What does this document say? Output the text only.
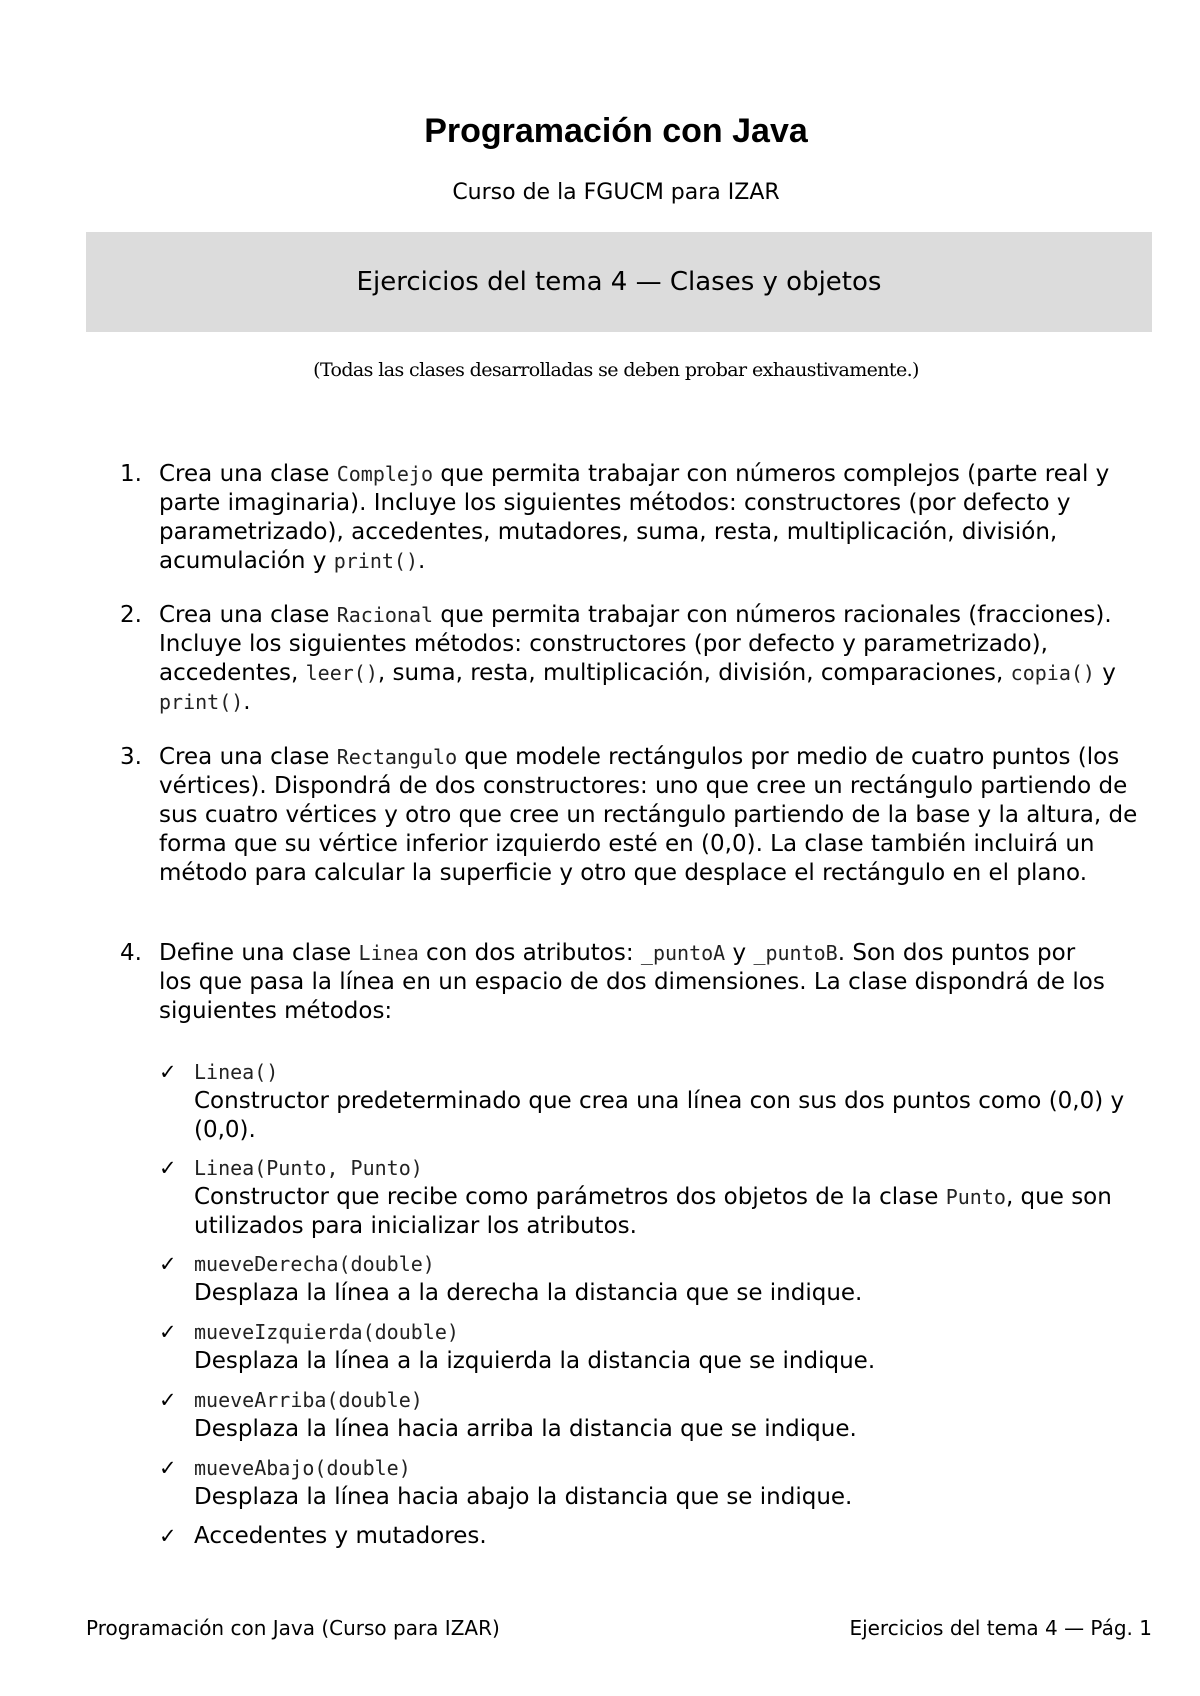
Programación con Java
Curso de la FGUCM para IZAR
Ejercicios del tema 4 — Clases y objetos
(Todas las clases desarrolladas se deben probar exhaustivamente.)
1. Crea una clase Complejo que permita trabajar con números complejos (parte real y parte imaginaria). Incluye los siguientes métodos: constructores (por defecto y parametrizado), accedentes, mutadores, suma, resta, multiplicación, división, acumulación y print().
2. Crea una clase Racional que permita trabajar con números racionales (fracciones). Incluye los siguientes métodos: constructores (por defecto y parametrizado), accedentes, leer(), suma, resta, multiplicación, división, comparaciones, copia() y print().
3. Crea una clase Rectangulo que modele rectángulos por medio de cuatro puntos (los vértices). Dispondrá de dos constructores: uno que cree un rectángulo partiendo de sus cuatro vértices y otro que cree un rectángulo partiendo de la base y la altura, de forma que su vértice inferior izquierdo esté en (0,0). La clase también incluirá un método para calcular la superficie y otro que desplace el rectángulo en el plano.
4. Define una clase Linea con dos atributos: _puntoA y _puntoB. Son dos puntos por
los que pasa la línea en un espacio de dos dimensiones. La clase dispondrá de los siguientes métodos:
✓ Linea()
Constructor predeterminado que crea una línea con sus dos puntos como (0,0) y (0,0).
✓ Linea(Punto, Punto)
Constructor que recibe como parámetros dos objetos de la clase Punto, que son utilizados para inicializar los atributos.
✓ mueveDerecha(double)
Desplaza la línea a la derecha la distancia que se indique.
✓ mueveIzquierda(double)
Desplaza la línea a la izquierda la distancia que se indique.
✓ mueveArriba(double)
Desplaza la línea hacia arriba la distancia que se indique.
✓ mueveAbajo(double)
Desplaza la línea hacia abajo la distancia que se indique.
✓ Accedentes y mutadores.
Programación con Java (Curso para IZAR)	Ejercicios del tema 4 — Pág. 1
